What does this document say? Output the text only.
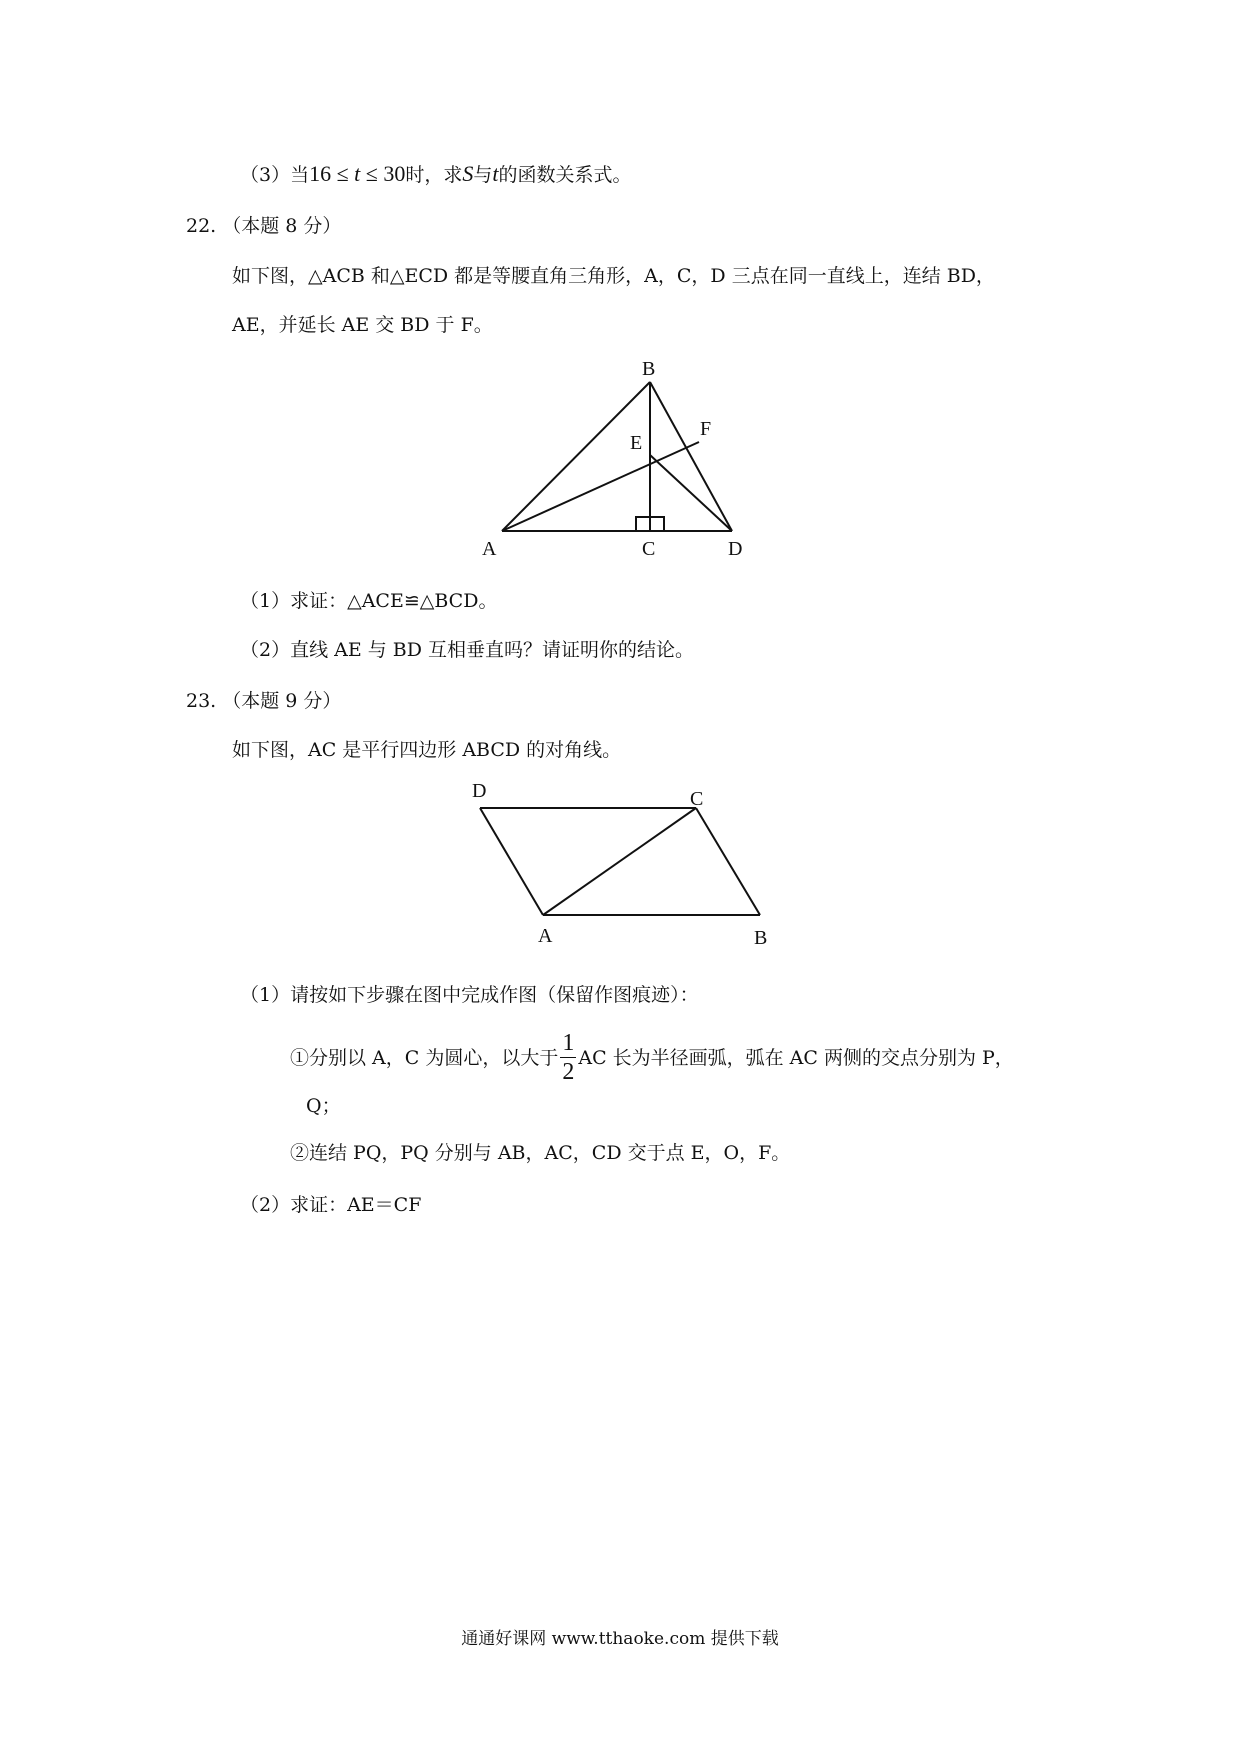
（3）当16 ≤ t ≤ 30时，求S与t的函数关系式。
22. （本题 8 分）
如下图，△ACB 和△ECD 都是等腰直角三角形，A，C，D 三点在同一直线上，连结 BD，
AE，并延长 AE 交 BD 于 F。
B
E
F
A	C	D
（1）求证：△ACE≌△BCD。
（2）直线 AE 与 BD 互相垂直吗？请证明你的结论。
23. （本题 9 分）
如下图，AC 是平行四边形 ABCD 的对角线。
D	C
A	B
（1）请按如下步骤在图中完成作图（保留作图痕迹）：
①分别以 A，C 为圆心，以大于 $\frac{1}{2}$ AC 长为半径画弧，弧在 AC 两侧的交点分别为 P，
Q；
②连结 PQ，PQ 分别与 AB，AC，CD 交于点 E，O，F。
（2）求证：AE＝CF
通通好课网 www.tthaoke.com 提供下载
